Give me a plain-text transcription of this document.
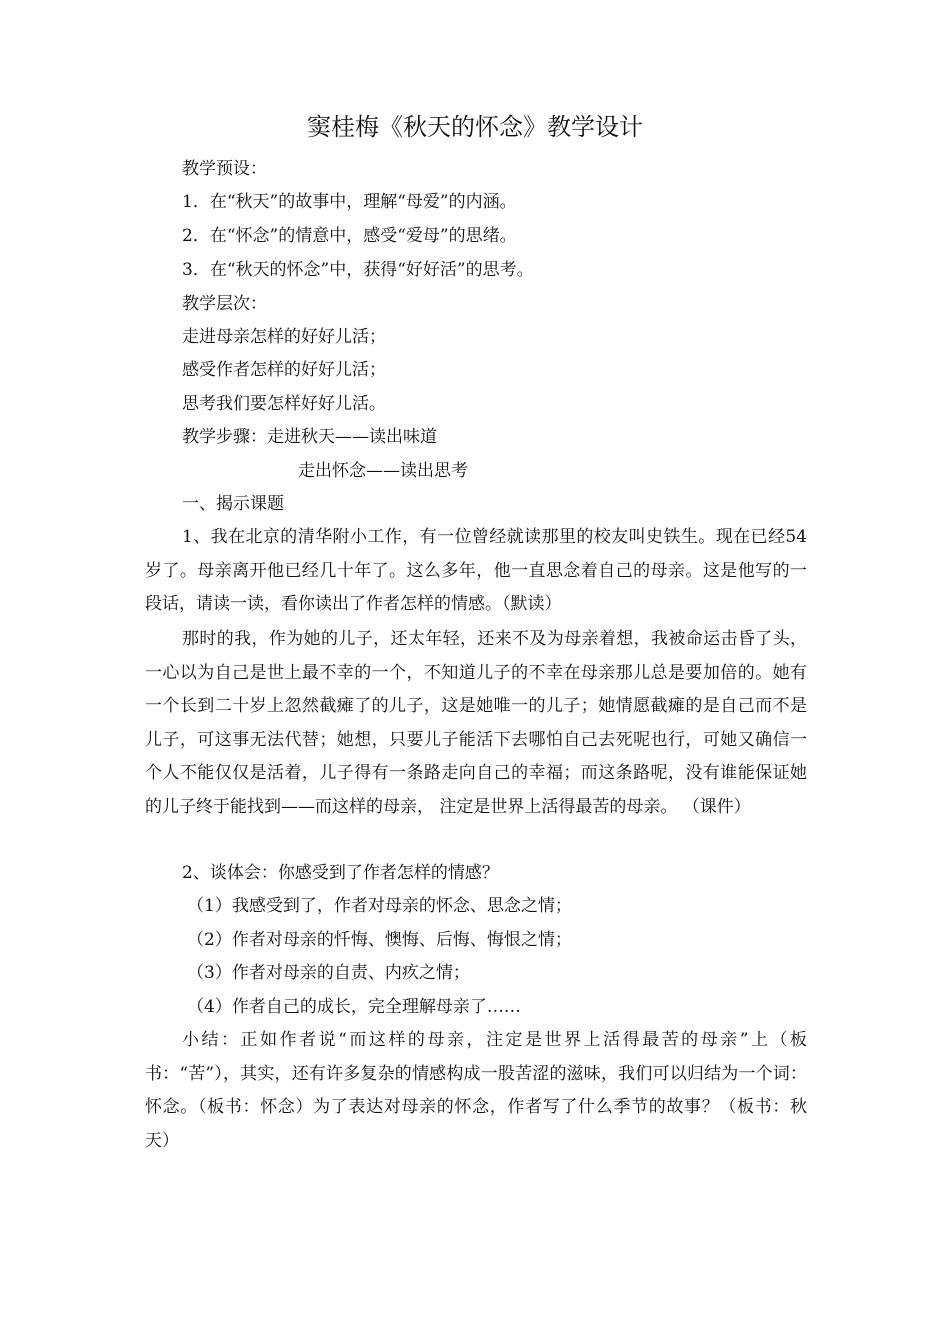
窦桂梅《秋天的怀念》教学设计
教学预设：
1．在“秋天”的故事中，理解“母爱”的内涵。
2．在“怀念”的情意中，感受“爱母”的思绪。
3．在“秋天的怀念”中，获得“好好活”的思考。
教学层次：
走进母亲怎样的好好儿活；
感受作者怎样的好好儿活；
思考我们要怎样好好儿活。
教学步骤：走进秋天——读出味道
走出怀念——读出思考
一、揭示课题
1、我在北京的清华附小工作，有一位曾经就读那里的校友叫史铁生。现在已经54岁了。母亲离开他已经几十年了。这么多年，他一直思念着自己的母亲。这是他写的一段话，请读一读，看你读出了作者怎样的情感。（默读）
那时的我，作为她的儿子，还太年轻，还来不及为母亲着想，我被命运击昏了头，一心以为自己是世上最不幸的一个，不知道儿子的不幸在母亲那儿总是要加倍的。她有一个长到二十岁上忽然截瘫了的儿子，这是她唯一的儿子；她情愿截瘫的是自己而不是儿子，可这事无法代替；她想，只要儿子能活下去哪怕自己去死呢也行，可她又确信一个人不能仅仅是活着，儿子得有一条路走向自己的幸福；而这条路呢，没有谁能保证她的儿子终于能找到——而这样的母亲， 注定是世界上活得最苦的母亲。 （课件）
2、谈体会：你感受到了作者怎样的情感？
（1）我感受到了，作者对母亲的怀念、思念之情；
（2）作者对母亲的忏悔、懊悔、后悔、悔恨之情；
（3）作者对母亲的自责、内疚之情；
（4）作者自己的成长，完全理解母亲了……
小结：正如作者说“而这样的母亲，注定是世界上活得最苦的母亲”上（板书：“苦”），其实，还有许多复杂的情感构成一股苦涩的滋味，我们可以归结为一个词：怀念。（板书：怀念）为了表达对母亲的怀念，作者写了什么季节的故事？（板书：秋天）
